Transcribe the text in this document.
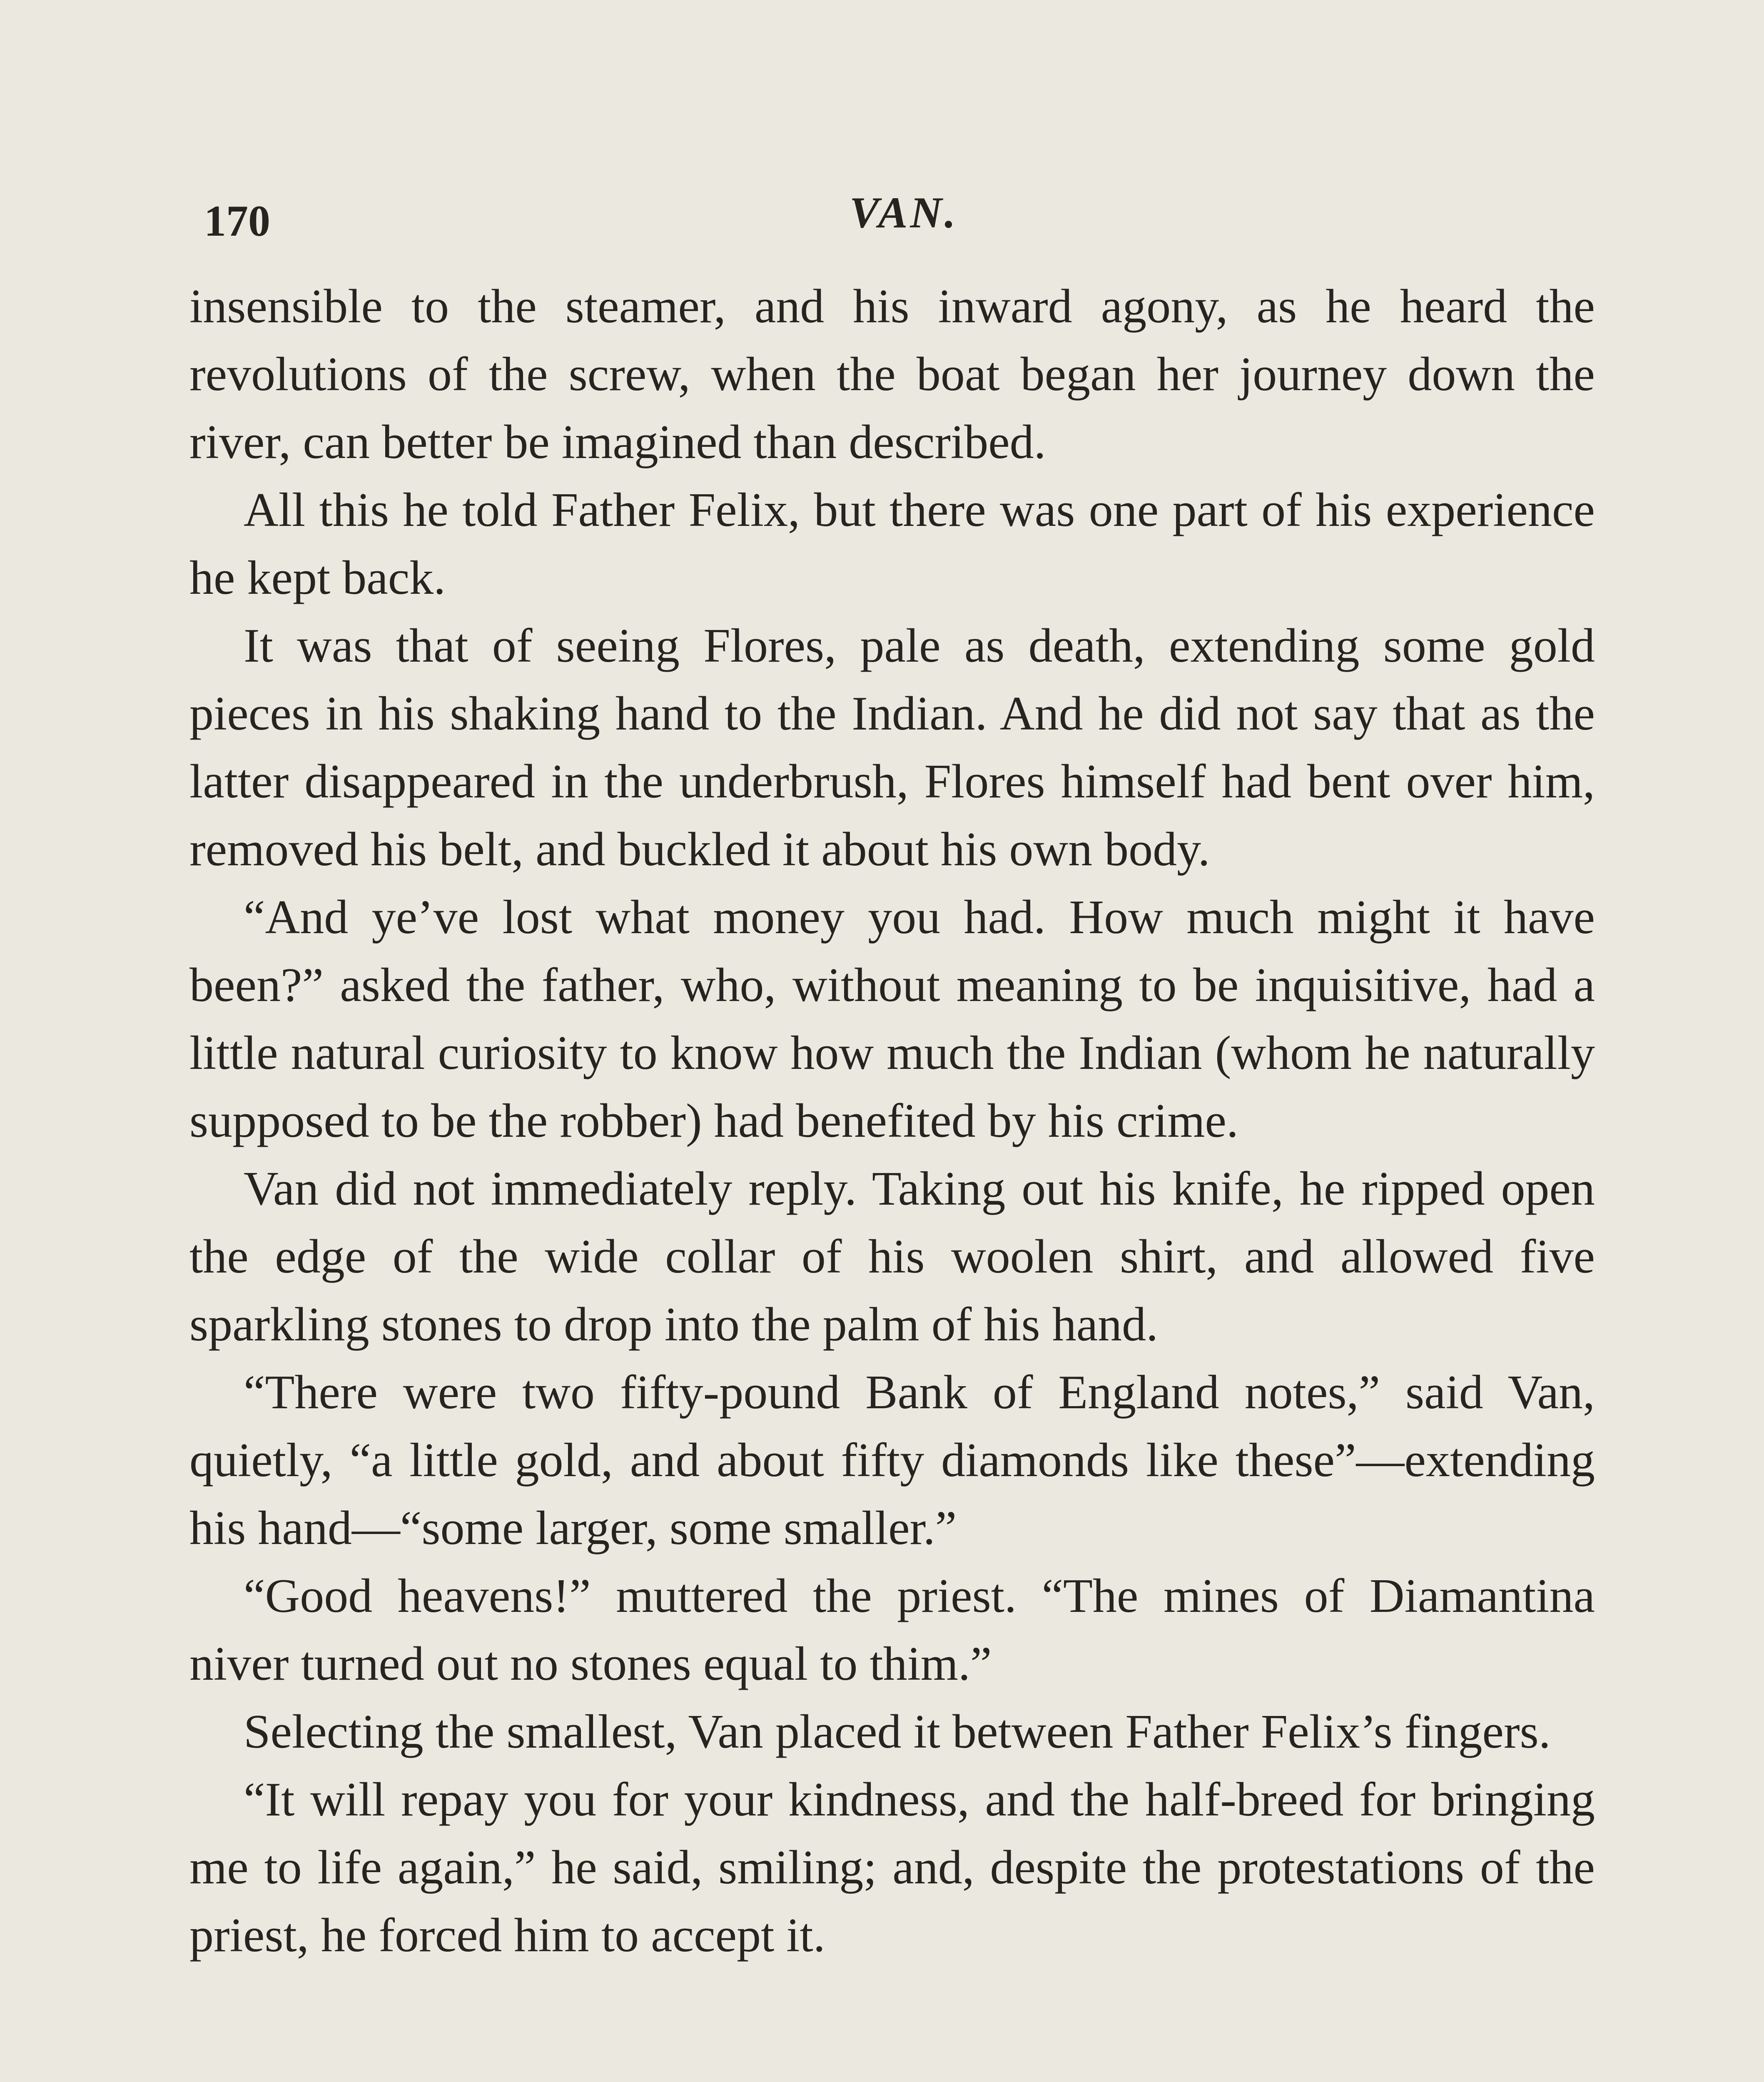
170	VAN.

insensible to the steamer, and his inward agony, as he heard the revolutions of the screw, when the boat began her journey down the river, can better be imagined than described.

All this he told Father Felix, but there was one part of his experience he kept back.

It was that of seeing Flores, pale as death, extending some gold pieces in his shaking hand to the Indian. And he did not say that as the latter disappeared in the underbrush, Flores himself had bent over him, removed his belt, and buckled it about his own body.

“And ye’ve lost what money you had. How much might it have been?” asked the father, who, without meaning to be inquisitive, had a little natural curiosity to know how much the Indian (whom he naturally supposed to be the robber) had benefited by his crime.

Van did not immediately reply. Taking out his knife, he ripped open the edge of the wide collar of his woolen shirt, and allowed five sparkling stones to drop into the palm of his hand.

“There were two fifty-pound Bank of England notes,” said Van, quietly, “a little gold, and about fifty diamonds like these”—extending his hand—“some larger, some smaller.”

“Good heavens!” muttered the priest. “The mines of Diamantina niver turned out no stones equal to thim.”

Selecting the smallest, Van placed it between Father Felix’s fingers.

“It will repay you for your kindness, and the half-breed for bringing me to life again,” he said, smiling; and, despite the protestations of the priest, he forced him to accept it.
